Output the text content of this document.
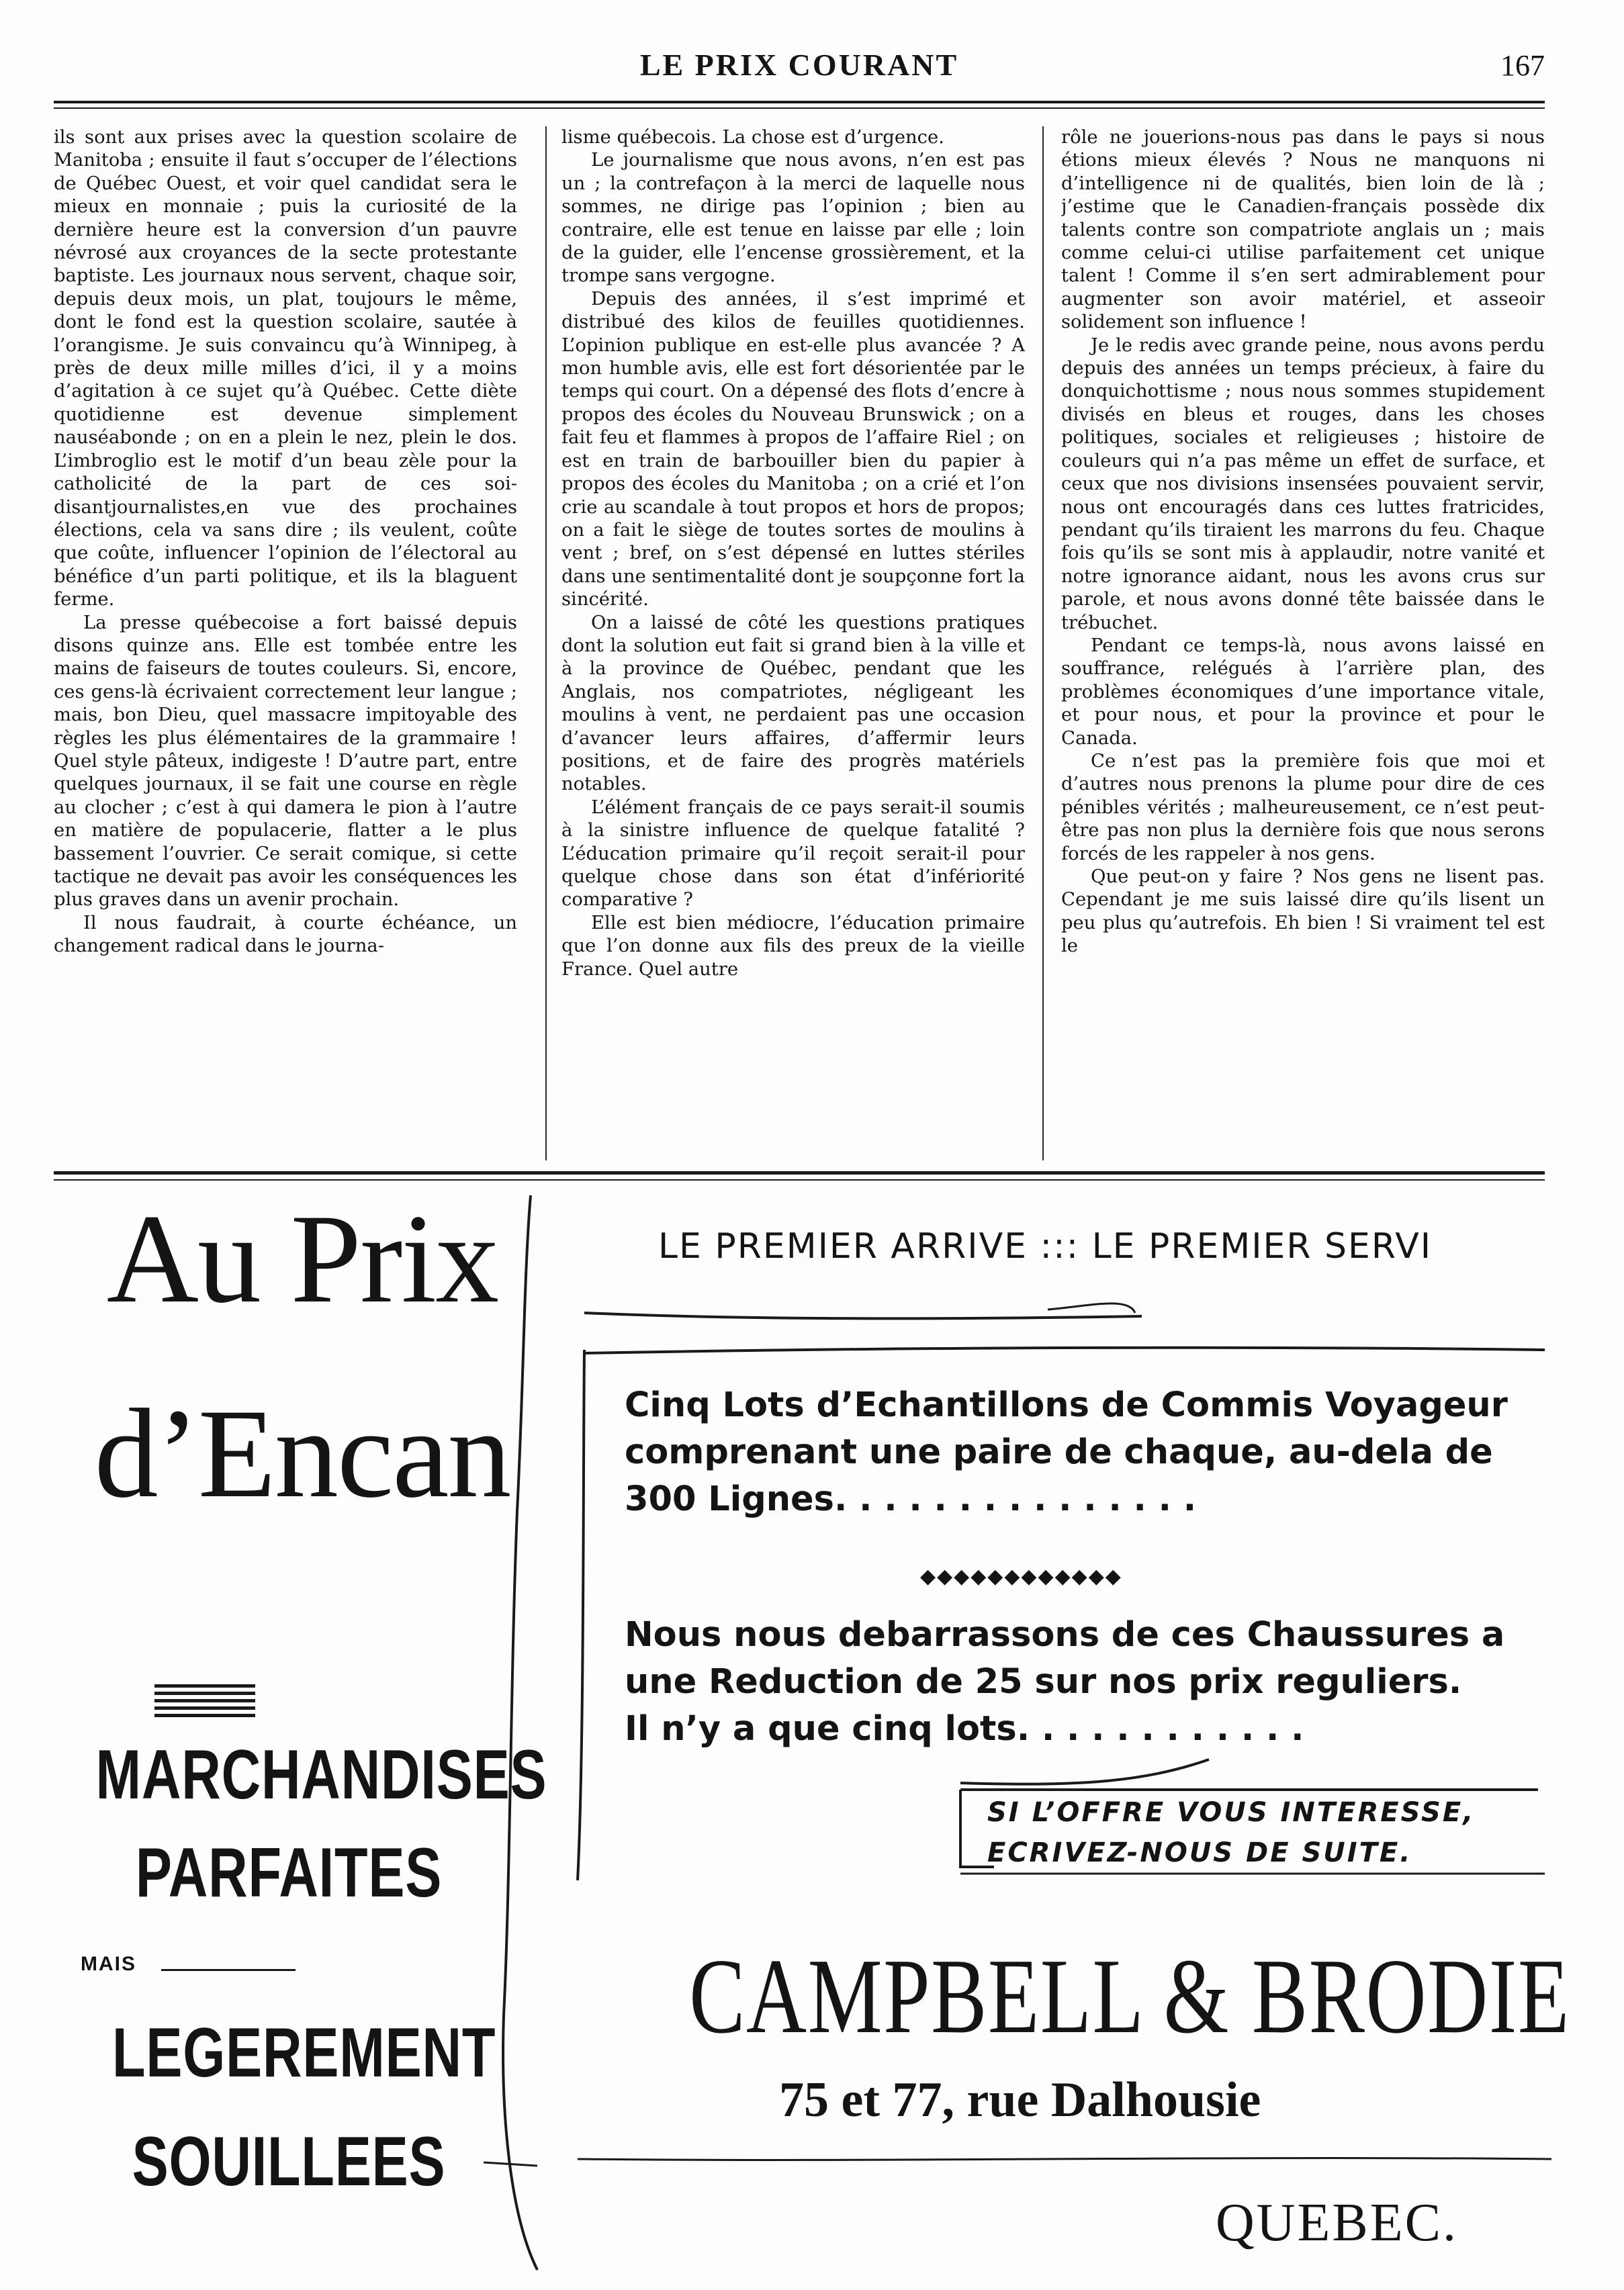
LE PRIX COURANT	167

ils sont aux prises avec la question scolaire de Manitoba ; ensuite il faut s’occuper de l’élections de Québec Ouest, et voir quel candidat sera le mieux en monnaie ; puis la curiosité de la dernière heure est la conversion d’un pauvre névrosé aux croyances de la secte protestante baptiste. Les journaux nous servent, chaque soir, depuis deux mois, un plat, toujours le même, dont le fond est la question scolaire, sautée à l’orangisme. Je suis convaincu qu’à Winnipeg, à près de deux mille milles d’ici, il y a moins d’agitation à ce sujet qu’à Québec. Cette diète quotidienne est devenue simplement nauséabonde ; on en a plein le nez, plein le dos. L’imbroglio est le motif d’un beau zèle pour la catholicité de la part de ces soi-disantjournalistes,en vue des prochaines élections, cela va sans dire ; ils veulent, coûte que coûte, influencer l’opinion de l’électoral au bénéfice d’un parti politique, et ils la blaguent ferme.

La presse québecoise a fort baissé depuis disons quinze ans. Elle est tombée entre les mains de faiseurs de toutes couleurs. Si, encore, ces gens-là écrivaient correctement leur langue ; mais, bon Dieu, quel massacre impitoyable des règles les plus élémentaires de la grammaire ! Quel style pâteux, indigeste ! D’autre part, entre quelques journaux, il se fait une course en règle au clocher ; c’est à qui damera le pion à l’autre en matière de populacerie, flatter a le plus bassement l’ouvrier. Ce serait comique, si cette tactique ne devait pas avoir les conséquences les plus graves dans un avenir prochain.

Il nous faudrait, à courte échéance, un changement radical dans le journa-

lisme québecois. La chose est d’urgence.

Le journalisme que nous avons, n’en est pas un ; la contrefaçon à la merci de laquelle nous sommes, ne dirige pas l’opinion ; bien au contraire, elle est tenue en laisse par elle ; loin de la guider, elle l’encense grossièrement, et la trompe sans vergogne.

Depuis des années, il s’est imprimé et distribué des kilos de feuilles quotidiennes. L’opinion publique en est-elle plus avancée ? A mon humble avis, elle est fort désorientée par le temps qui court. On a dépensé des flots d’encre à propos des écoles du Nouveau Brunswick ; on a fait feu et flammes à propos de l’affaire Riel ; on est en train de barbouiller bien du papier à propos des écoles du Manitoba ; on a crié et l’on crie au scandale à tout propos et hors de propos; on a fait le siège de toutes sortes de moulins à vent ; bref, on s’est dépensé en luttes stériles dans une sentimentalité dont je soupçonne fort la sincérité.

On a laissé de côté les questions pratiques dont la solution eut fait si grand bien à la ville et à la province de Québec, pendant que les Anglais, nos compatriotes, négligeant les moulins à vent, ne perdaient pas une occasion d’avancer leurs affaires, d’affermir leurs positions, et de faire des progrès matériels notables.

L’élément français de ce pays serait-il soumis à la sinistre influence de quelque fatalité ? L’éducation primaire qu’il reçoit serait-il pour quelque chose dans son état d’infériorité comparative ?

Elle est bien médiocre, l’éducation primaire que l’on donne aux fils des preux de la vieille France. Quel autre

rôle ne jouerions-nous pas dans le pays si nous étions mieux élevés ? Nous ne manquons ni d’intelligence ni de qualités, bien loin de là ; j’estime que le Canadien-français possède dix talents contre son compatriote anglais un ; mais comme celui-ci utilise parfaitement cet unique talent ! Comme il s’en sert admirablement pour augmenter son avoir matériel, et asseoir solidement son influence !

Je le redis avec grande peine, nous avons perdu depuis des années un temps précieux, à faire du donquichottisme ; nous nous sommes stupidement divisés en bleus et rouges, dans les choses politiques, sociales et religieuses ; histoire de couleurs qui n’a pas même un effet de surface, et ceux que nos divisions insensées pouvaient servir, nous ont encouragés dans ces luttes fratricides, pendant qu’ils tiraient les marrons du feu. Chaque fois qu’ils se sont mis à applaudir, notre vanité et notre ignorance aidant, nous les avons crus sur parole, et nous avons donné tête baissée dans le trébuchet.

Pendant ce temps-là, nous avons laissé en souffrance, relégués à l’arrière plan, des problèmes économiques d’une importance vitale, et pour nous, et pour la province et pour le Canada.

Ce n’est pas la première fois que moi et d’autres nous prenons la plume pour dire de ces pénibles vérités ; malheureusement, ce n’est peut-être pas non plus la dernière fois que nous serons forcés de les rappeler à nos gens.

Que peut-on y faire ? Nos gens ne lisent pas. Cependant je me suis laissé dire qu’ils lisent un peu plus qu’autrefois. Eh bien ! Si vraiment tel est le

Au Prix
d’Encan
MARCHANDISES
PARFAITES
MAIS
LEGEREMENT
SOUILLEES
LE PREMIER ARRIVE ::: LE PREMIER SERVI
Cinq Lots d’Echantillons de Commis Voyageur
comprenant une paire de chaque, au-dela de
300 Lignes. . . . . . . . . . . . . . .
◆◆◆◆◆◆◆◆◆◆◆◆
Nous nous debarrassons de ces Chaussures a
une Reduction de 25 sur nos prix reguliers.
Il n’y a que cinq lots. . . . . . . . . . . .
SI L’OFFRE VOUS INTERESSE,
ECRIVEZ-NOUS DE SUITE.
CAMPBELL & BRODIE
75 et 77, rue Dalhousie
QUEBEC.
